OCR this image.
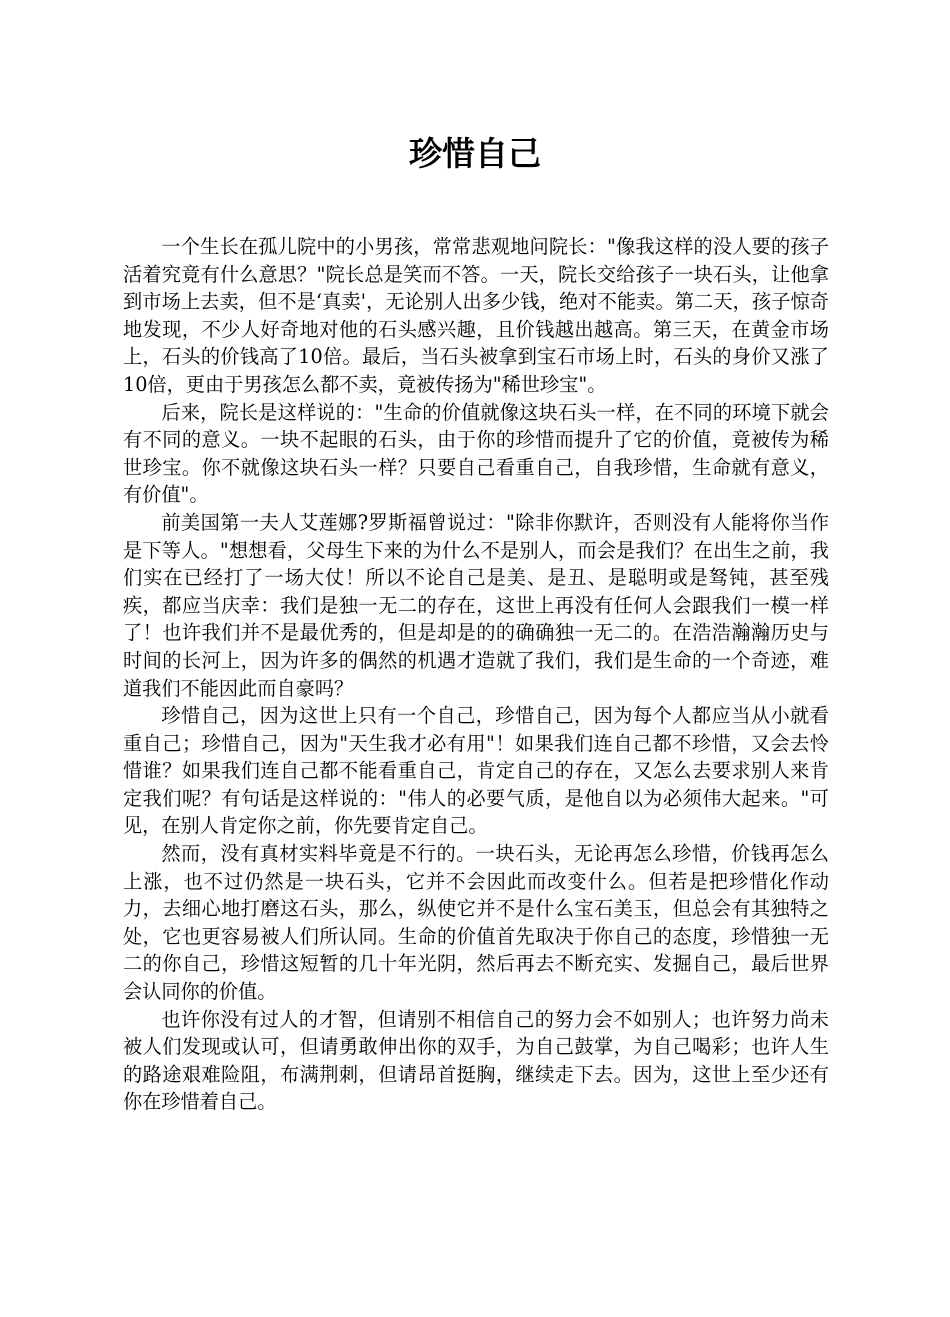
珍惜自己

一个生长在孤儿院中的小男孩，常常悲观地问院长："像我这样的没人要的孩子活着究竟有什么意思？"院长总是笑而不答。一天，院长交给孩子一块石头，让他拿到市场上去卖，但不是‘真卖'，无论别人出多少钱，绝对不能卖。第二天，孩子惊奇地发现，不少人好奇地对他的石头感兴趣，且价钱越出越高。第三天，在黄金市场上，石头的价钱高了10倍。最后，当石头被拿到宝石市场上时，石头的身价又涨了10倍，更由于男孩怎么都不卖，竟被传扬为"稀世珍宝"。

后来，院长是这样说的："生命的价值就像这块石头一样，在不同的环境下就会有不同的意义。一块不起眼的石头，由于你的珍惜而提升了它的价值，竟被传为稀世珍宝。你不就像这块石头一样？只要自己看重自己，自我珍惜，生命就有意义，有价值"。

前美国第一夫人艾莲娜?罗斯福曾说过："除非你默许，否则没有人能将你当作是下等人。"想想看，父母生下来的为什么不是别人，而会是我们？在出生之前，我们实在已经打了一场大仗！所以不论自己是美、是丑、是聪明或是驽钝，甚至残疾，都应当庆幸：我们是独一无二的存在，这世上再没有任何人会跟我们一模一样了！也许我们并不是最优秀的，但是却是的的确确独一无二的。在浩浩瀚瀚历史与时间的长河上，因为许多的偶然的机遇才造就了我们，我们是生命的一个奇迹，难道我们不能因此而自豪吗？

珍惜自己，因为这世上只有一个自己，珍惜自己，因为每个人都应当从小就看重自己；珍惜自己，因为"天生我才必有用"！如果我们连自己都不珍惜，又会去怜惜谁？如果我们连自己都不能看重自己，肯定自己的存在，又怎么去要求别人来肯定我们呢？有句话是这样说的："伟人的必要气质，是他自以为必须伟大起来。"可见，在别人肯定你之前，你先要肯定自己。

然而，没有真材实料毕竟是不行的。一块石头，无论再怎么珍惜，价钱再怎么上涨，也不过仍然是一块石头，它并不会因此而改变什么。但若是把珍惜化作动力，去细心地打磨这石头，那么，纵使它并不是什么宝石美玉，但总会有其独特之处，它也更容易被人们所认同。生命的价值首先取决于你自己的态度，珍惜独一无二的你自己，珍惜这短暂的几十年光阴，然后再去不断充实、发掘自己，最后世界会认同你的价值。

也许你没有过人的才智，但请别不相信自己的努力会不如别人；也许努力尚未被人们发现或认可，但请勇敢伸出你的双手，为自己鼓掌，为自己喝彩；也许人生的路途艰难险阻，布满荆刺，但请昂首挺胸，继续走下去。因为，这世上至少还有你在珍惜着自己。
